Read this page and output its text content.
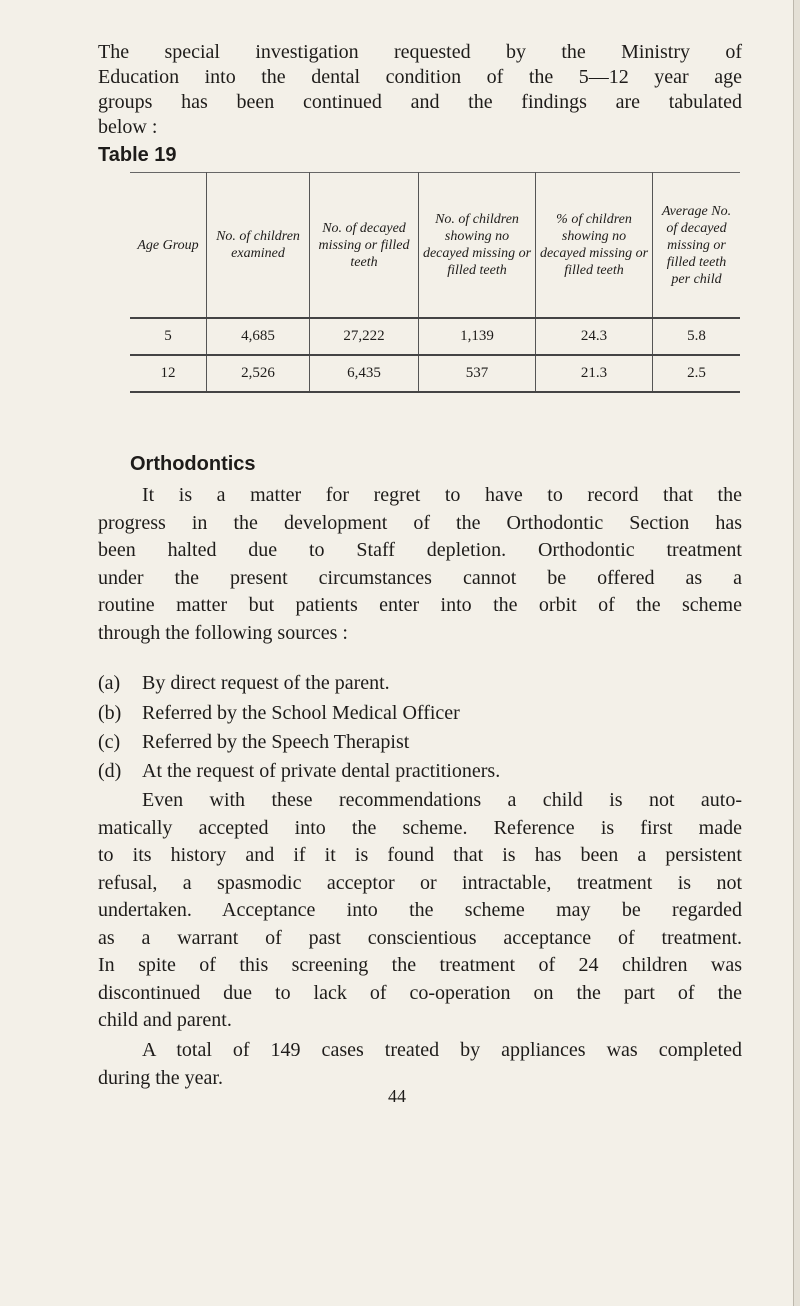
The special investigation requested by the Ministry of
Education into the dental condition of the 5—12 year age
groups has been continued and the findings are tabulated
below :
Table 19
Age Group	No. of children examined	No. of decayed missing or filled teeth	No. of children showing no decayed missing or filled teeth	% of children showing no decayed missing or filled teeth	Average No. of decayed missing or filled teeth per child
5	4,685	27,222	1,139	24.3	5.8
12	2,526	6,435	537	21.3	2.5
Orthodontics
It is a matter for regret to have to record that the
progress in the development of the Orthodontic Section has
been halted due to Staff depletion. Orthodontic treatment
under the present circumstances cannot be offered as a
routine matter but patients enter into the orbit of the scheme
through the following sources :
(a) By direct request of the parent.
(b) Referred by the School Medical Officer
(c) Referred by the Speech Therapist
(d) At the request of private dental practitioners.
Even with these recommendations a child is not auto-
matically accepted into the scheme. Reference is first made
to its history and if it is found that is has been a persistent
refusal, a spasmodic acceptor or intractable, treatment is not
undertaken. Acceptance into the scheme may be regarded
as a warrant of past conscientious acceptance of treatment.
In spite of this screening the treatment of 24 children was
discontinued due to lack of co-operation on the part of the
child and parent.
A total of 149 cases treated by appliances was completed
during the year.
44
